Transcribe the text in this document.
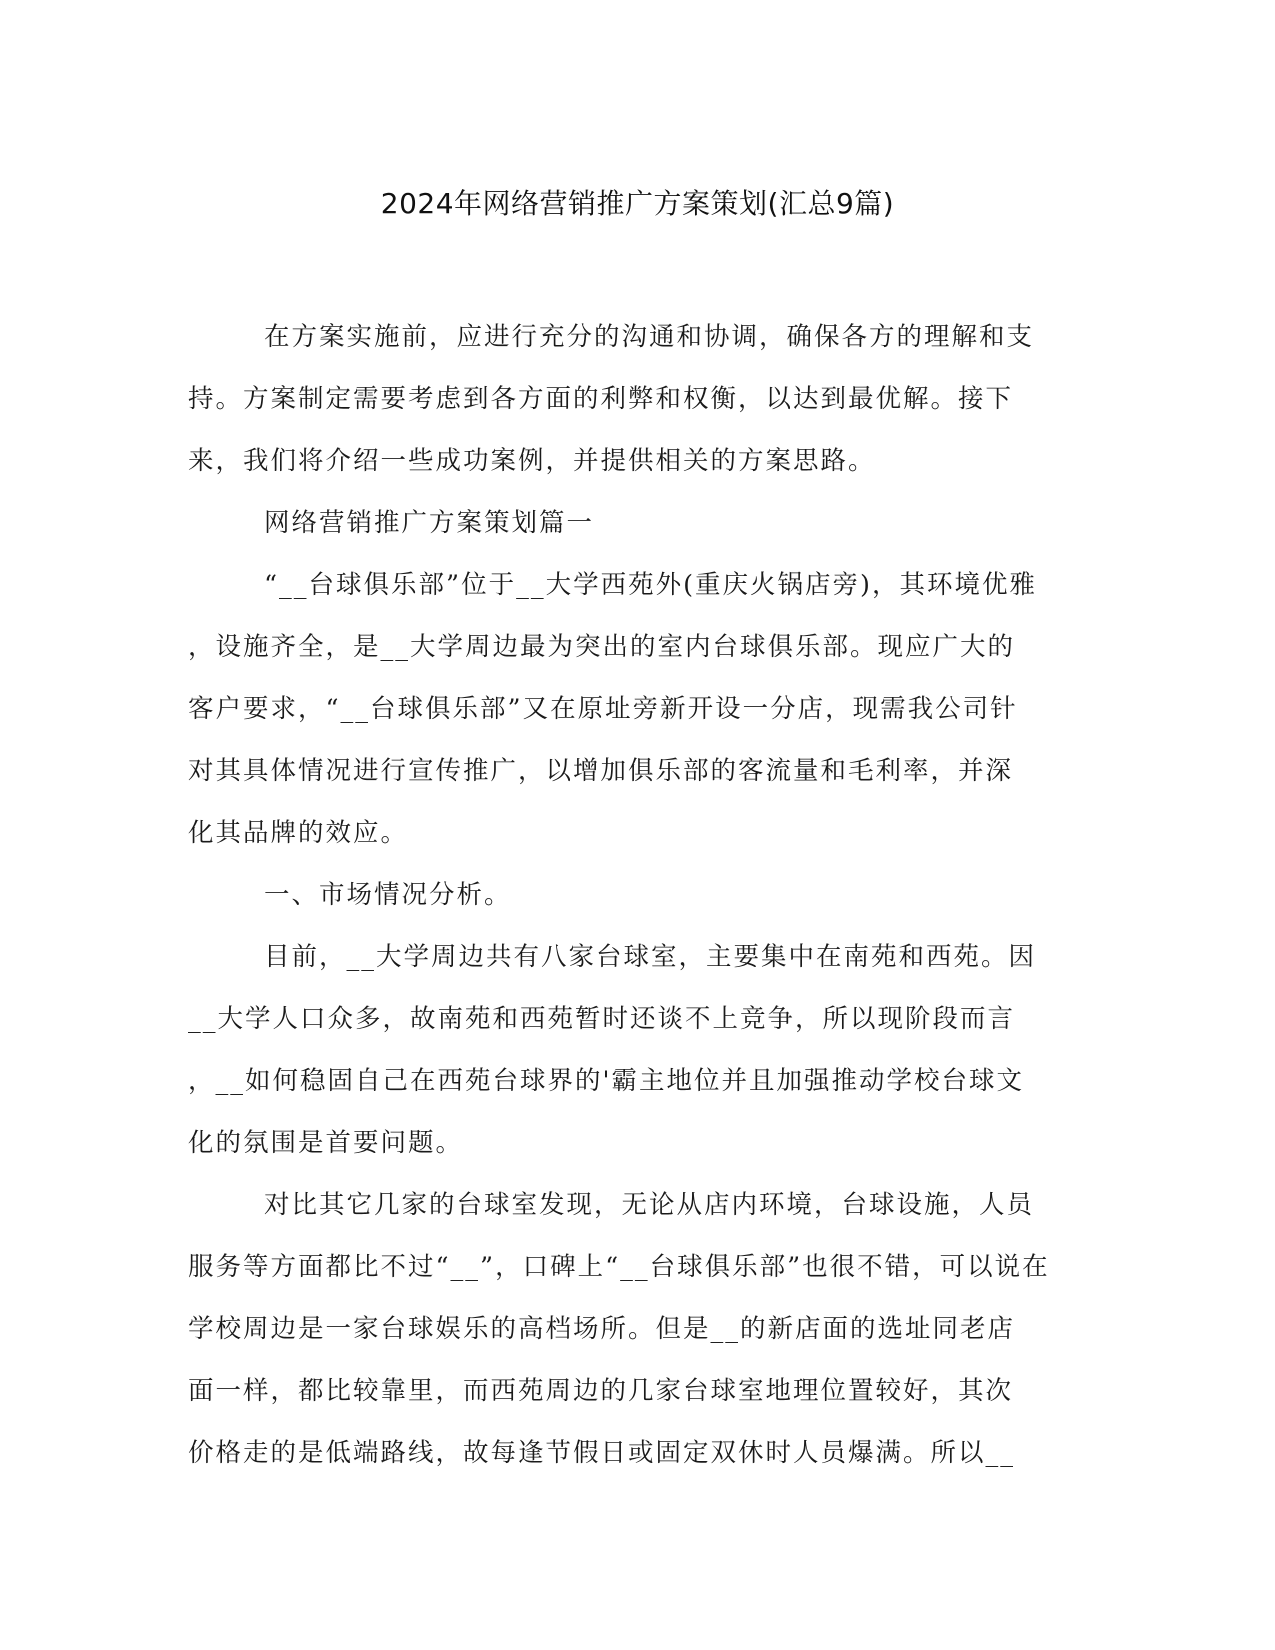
2024年网络营销推广方案策划(汇总9篇)
在方案实施前，应进行充分的沟通和协调，确保各方的理解和支
持。方案制定需要考虑到各方面的利弊和权衡，以达到最优解。接下
来，我们将介绍一些成功案例，并提供相关的方案思路。
网络营销推广方案策划篇一
“__台球俱乐部”位于__大学西苑外(重庆火锅店旁)，其环境优雅
，设施齐全，是__大学周边最为突出的室内台球俱乐部。现应广大的
客户要求，“__台球俱乐部”又在原址旁新开设一分店，现需我公司针
对其具体情况进行宣传推广，以增加俱乐部的客流量和毛利率，并深
化其品牌的效应。
一、市场情况分析。
目前，__大学周边共有八家台球室，主要集中在南苑和西苑。因
__大学人口众多，故南苑和西苑暂时还谈不上竞争，所以现阶段而言
，__如何稳固自己在西苑台球界的'霸主地位并且加强推动学校台球文
化的氛围是首要问题。
对比其它几家的台球室发现，无论从店内环境，台球设施，人员
服务等方面都比不过“__”，口碑上“__台球俱乐部”也很不错，可以说在
学校周边是一家台球娱乐的高档场所。但是__的新店面的选址同老店
面一样，都比较靠里，而西苑周边的几家台球室地理位置较好，其次
价格走的是低端路线，故每逢节假日或固定双休时人员爆满。所以__
